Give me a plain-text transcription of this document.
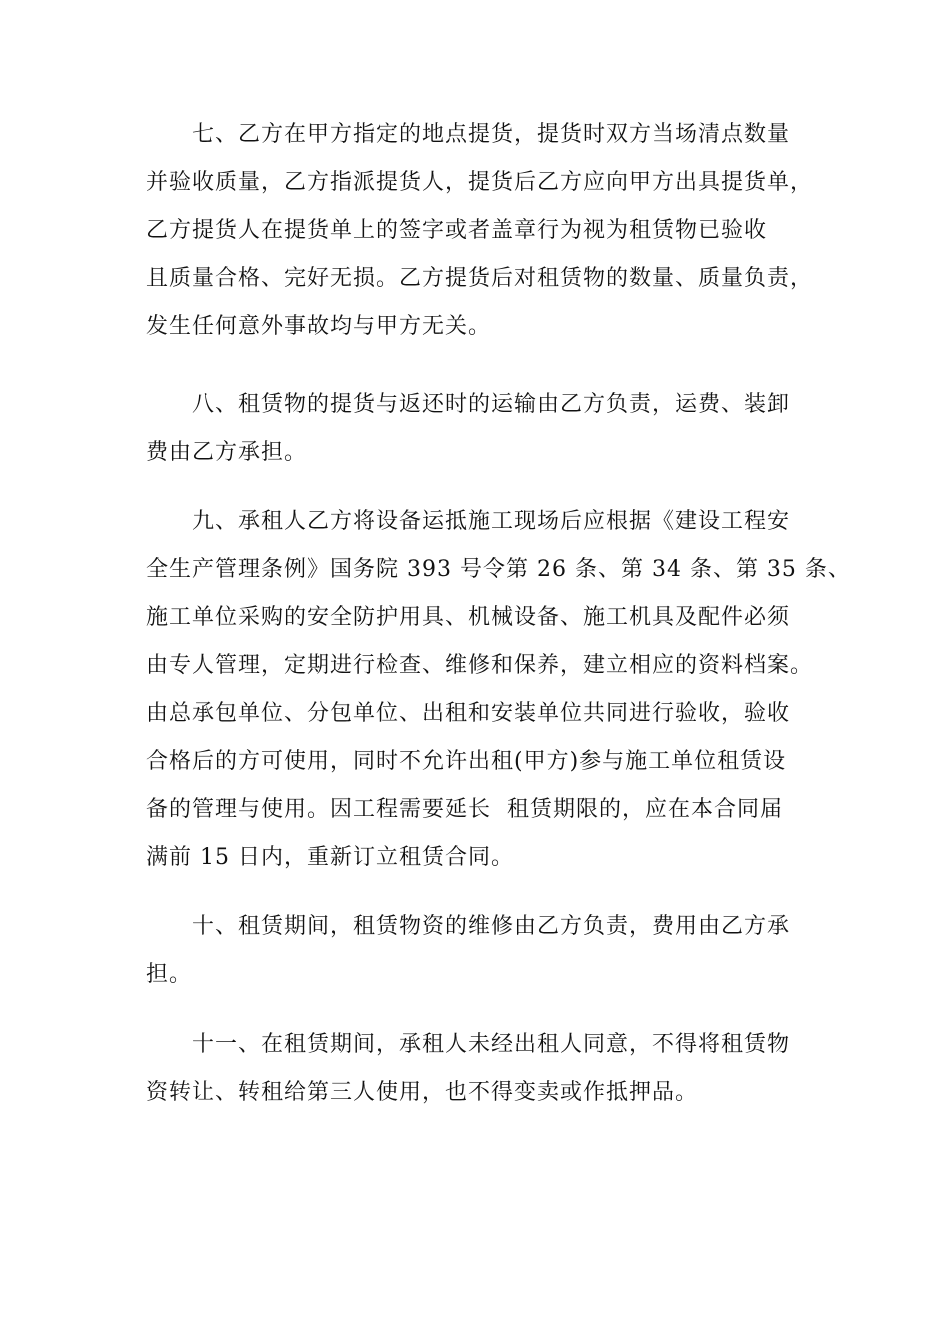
七、乙方在甲方指定的地点提货，提货时双方当场清点数量
并验收质量，乙方指派提货人，提货后乙方应向甲方出具提货单，
乙方提货人在提货单上的签字或者盖章行为视为租赁物已验收
且质量合格、完好无损。乙方提货后对租赁物的数量、质量负责，
发生任何意外事故均与甲方无关。
八、租赁物的提货与返还时的运输由乙方负责，运费、装卸
费由乙方承担。
九、承租人乙方将设备运抵施工现场后应根据《建设工程安
全生产管理条例》国务院 393 号令第 26 条、第 34 条、第 35 条、
施工单位采购的安全防护用具、机械设备、施工机具及配件必须
由专人管理，定期进行检查、维修和保养，建立相应的资料档案。
由总承包单位、分包单位、出租和安装单位共同进行验收，验收
合格后的方可使用，同时不允许出租(甲方)参与施工单位租赁设
备的管理与使用。因工程需要延长  租赁期限的，应在本合同届
满前 15 日内，重新订立租赁合同。
十、租赁期间，租赁物资的维修由乙方负责，费用由乙方承
担。
十一、在租赁期间，承租人未经出租人同意，不得将租赁物
资转让、转租给第三人使用，也不得变卖或作抵押品。
